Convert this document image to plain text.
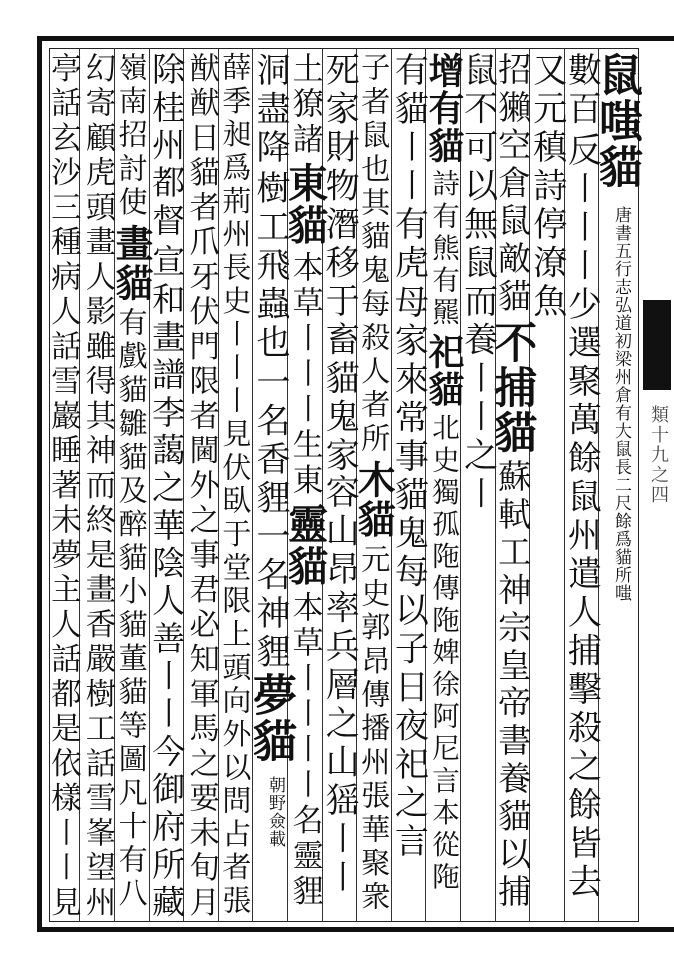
類十九之四
鼠嗤貓
唐書五行志弘道初梁州倉有大鼠長二尺餘爲貓所嗤
數百
反〡〡〡少選聚萬餘鼠州遣人捕擊殺之餘皆去
又元稹詩停潦魚
招獺空倉鼠敵貓
不捕貓
蘇軾工神宗皇帝書養貓以捕
鼠不可以無鼠而養〡〡之〡
增有貓
詩有熊有羆
祀貓
北史獨孤陁傳陁婢徐阿尼言本從陁
有貓〡〡有虎
母家來常事貓鬼每以子日夜祀之言
子者鼠也其貓鬼每殺人者所
木貓
元史郭昂傳播州張華聚衆
死家財物潛移于畜貓鬼家
容山昂率兵層之山猺〡〡
土獠諸
東貓
本草〡〡〡生東
靈貓
本草〡〡〡〡名靈貍
洞盡降
樹工飛蟲也
一名香貍一名神貍
夢貓
朝野僉載
薛季昶爲荊州長史〡〡〡見伏臥于堂限上頭向外以問占者張
猷猷日貓者爪牙伏門限者閫外之事君必知軍馬之要未旬月
除桂州都督
宣和畫譜李藹之華陰人善〡〡今御府所藏
嶺南招討使
畫貓
有戲貓雛貓及醉貓小貓董貓等圖凡十有八
幻寄顧虎頭畫人影雖得其神而終是畫香嚴樹工話雪峯望州
亭話玄沙三種病人話雪巖睡著未夢主人話都是依樣〡〡見
